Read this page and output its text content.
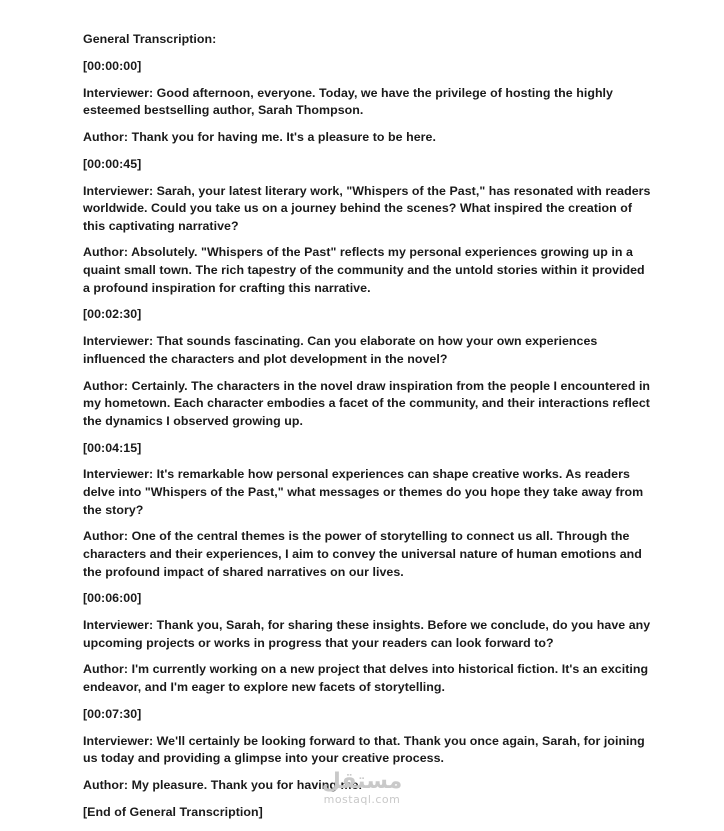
General Transcription:

[00:00:00]

Interviewer: Good afternoon, everyone. Today, we have the privilege of hosting the highly esteemed bestselling author, Sarah Thompson.

Author: Thank you for having me. It's a pleasure to be here.

[00:00:45]

Interviewer: Sarah, your latest literary work, "Whispers of the Past," has resonated with readers worldwide. Could you take us on a journey behind the scenes? What inspired the creation of this captivating narrative?

Author: Absolutely. "Whispers of the Past" reflects my personal experiences growing up in a quaint small town. The rich tapestry of the community and the untold stories within it provided a profound inspiration for crafting this narrative.

[00:02:30]

Interviewer: That sounds fascinating. Can you elaborate on how your own experiences influenced the characters and plot development in the novel?

Author: Certainly. The characters in the novel draw inspiration from the people I encountered in my hometown. Each character embodies a facet of the community, and their interactions reflect the dynamics I observed growing up.

[00:04:15]

Interviewer: It's remarkable how personal experiences can shape creative works. As readers delve into "Whispers of the Past," what messages or themes do you hope they take away from the story?

Author: One of the central themes is the power of storytelling to connect us all. Through the characters and their experiences, I aim to convey the universal nature of human emotions and the profound impact of shared narratives on our lives.

[00:06:00]

Interviewer: Thank you, Sarah, for sharing these insights. Before we conclude, do you have any upcoming projects or works in progress that your readers can look forward to?

Author: I'm currently working on a new project that delves into historical fiction. It's an exciting endeavor, and I'm eager to explore new facets of storytelling.

[00:07:30]

Interviewer: We'll certainly be looking forward to that. Thank you once again, Sarah, for joining us today and providing a glimpse into your creative process.

Author: My pleasure. Thank you for having me.

[End of General Transcription]

مستقل
mostaql.com
